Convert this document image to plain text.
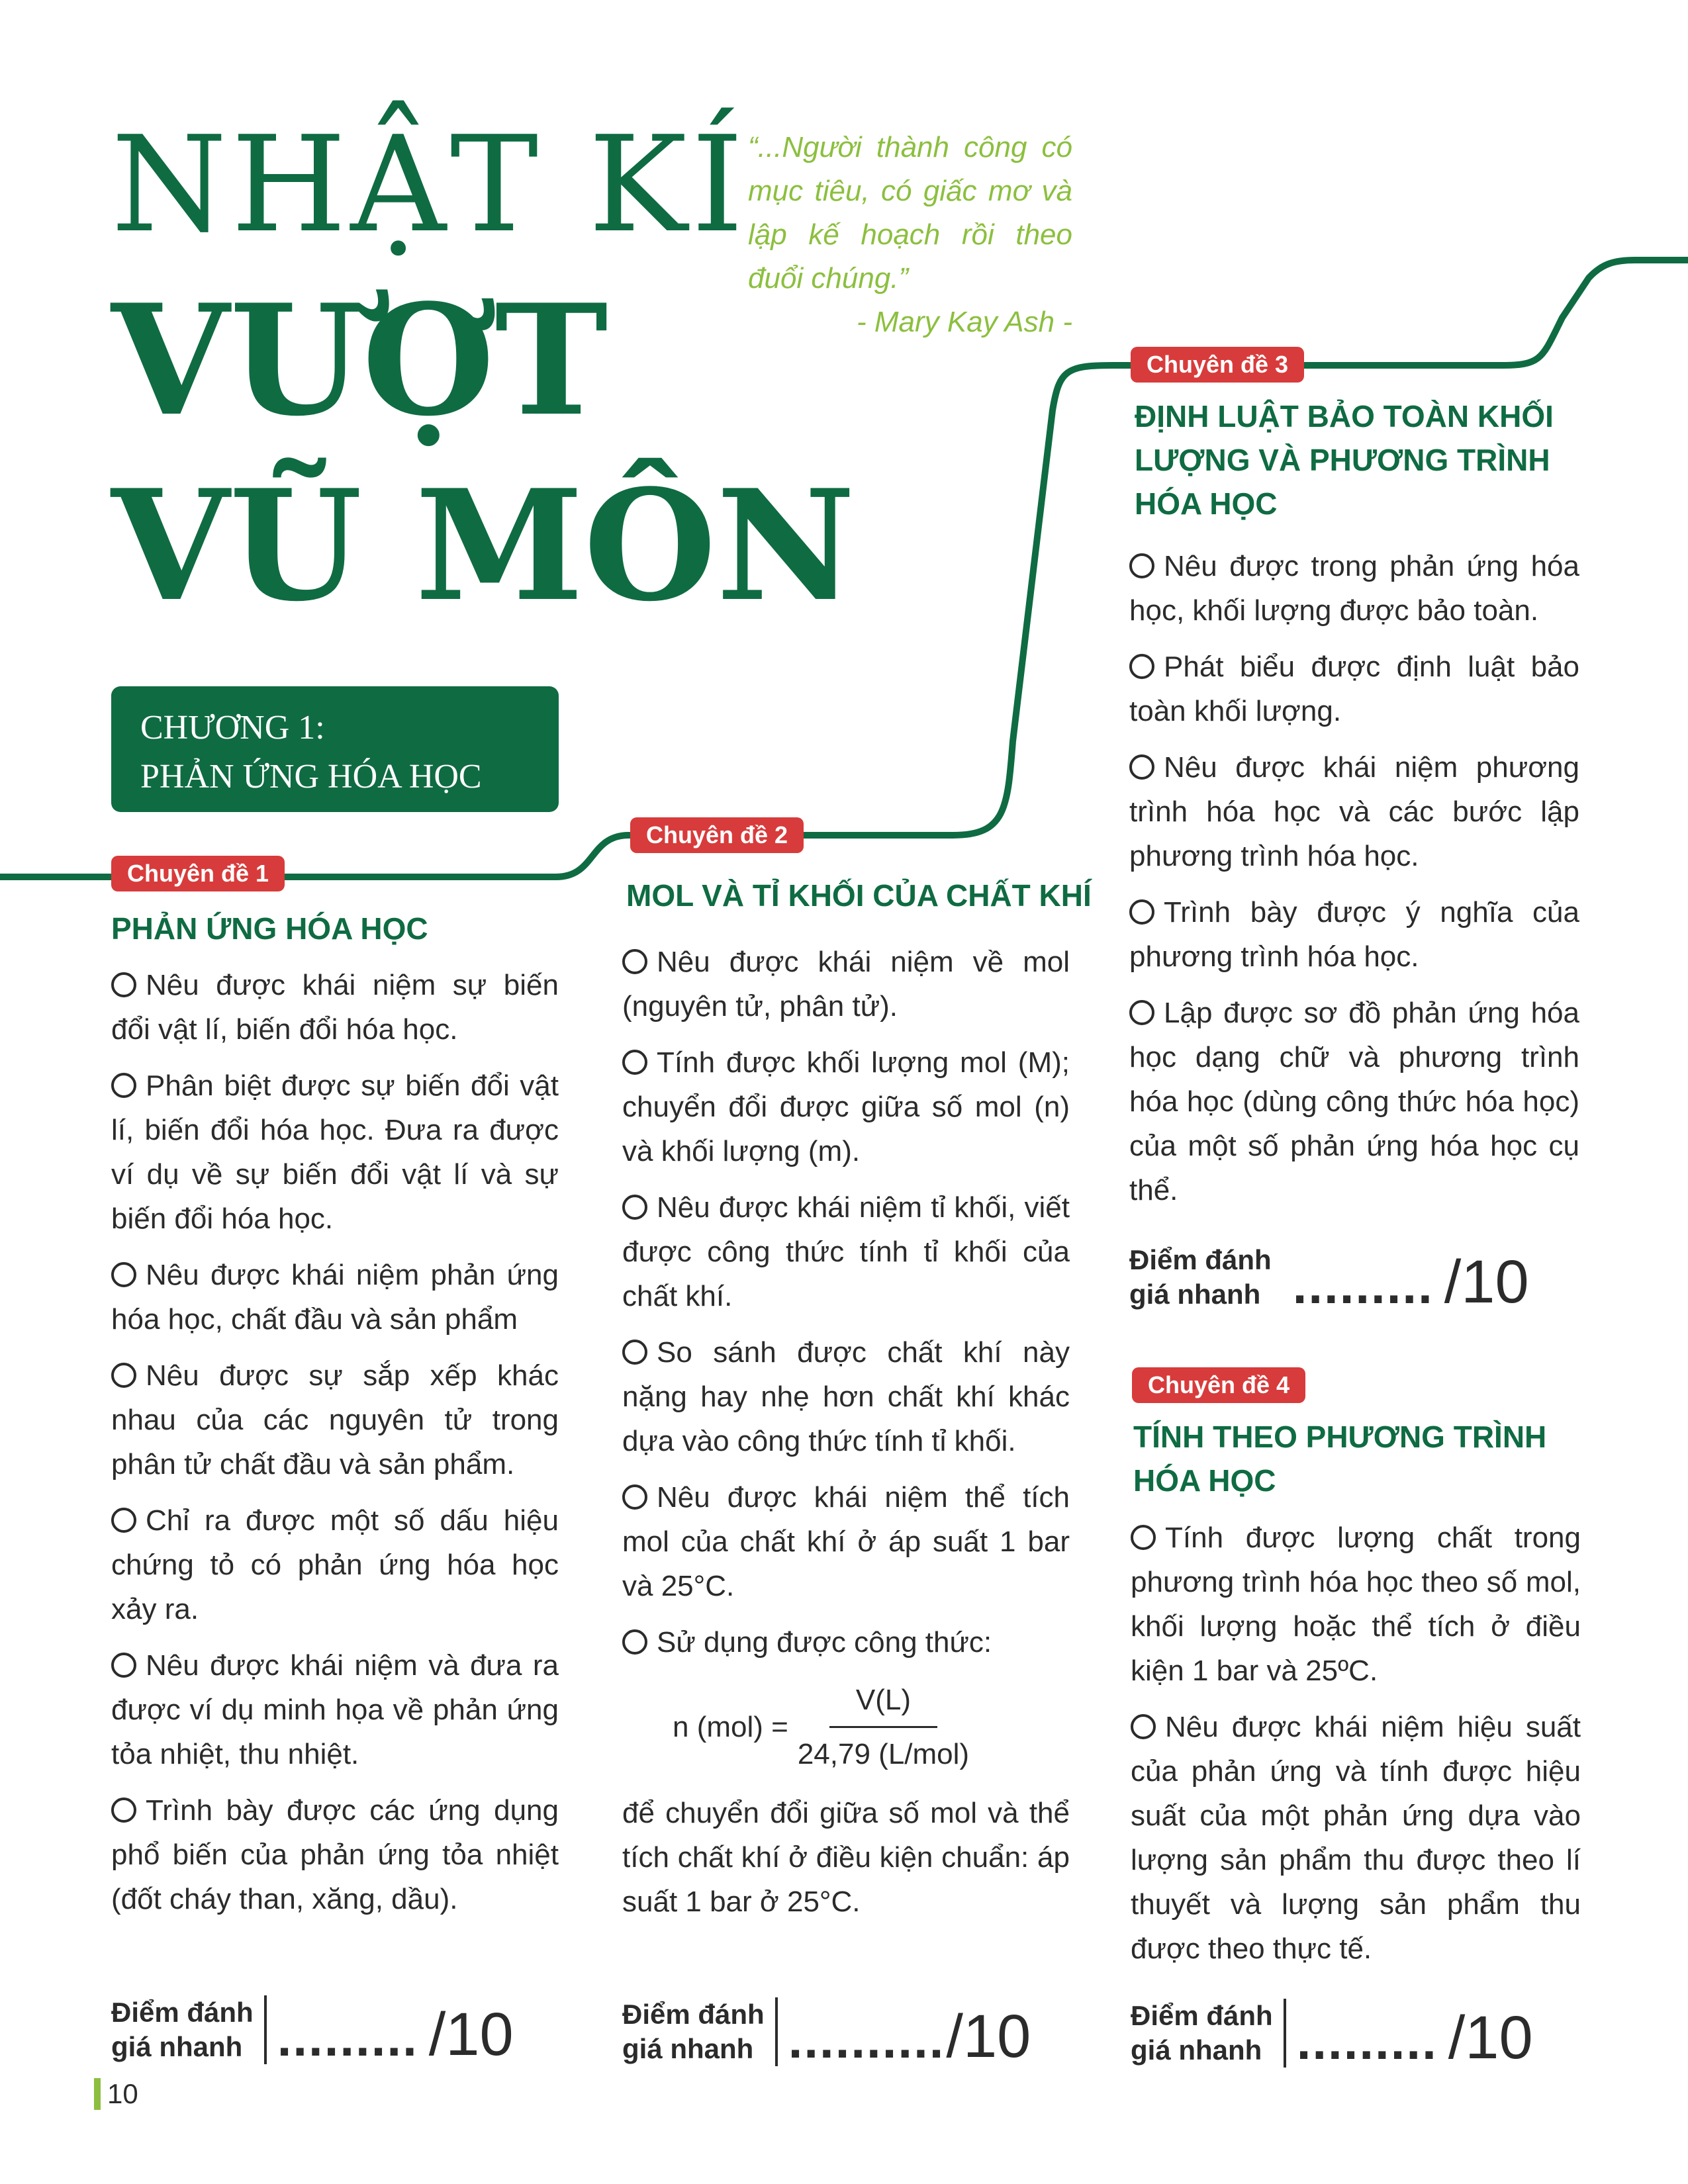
NHẬT KÍ
VƯỢT
VŨ MÔN
“...Người thành công có mục tiêu, có giấc mơ và lập kế hoạch rồi theo đuổi chúng.”
- Mary Kay Ash -
CHƯƠNG 1:
PHẢN ỨNG HÓA HỌC
Chuyên đề 1
PHẢN ỨNG HÓA HỌC
Nêu được khái niệm sự biến đổi vật lí, biến đổi hóa học.
Phân biệt được sự biến đổi vật lí, biến đổi hóa học. Đưa ra được ví dụ về sự biến đổi vật lí và sự biến đổi hóa học.
Nêu được khái niệm phản ứng hóa học, chất đầu và sản phẩm
Nêu được sự sắp xếp khác nhau của các nguyên tử trong phân tử chất đầu và sản phẩm.
Chỉ ra được một số dấu hiệu chứng tỏ có phản ứng hóa học xảy ra.
Nêu được khái niệm và đưa ra được ví dụ minh họa về phản ứng tỏa nhiệt, thu nhiệt.
Trình bày được các ứng dụng phổ biến của phản ứng tỏa nhiệt (đốt cháy than, xăng, dầu).
Điểm đánh
giá nhanh ......... /10
Chuyên đề 2
MOL VÀ TỈ KHỐI CỦA CHẤT KHÍ
Nêu được khái niệm về mol (nguyên tử, phân tử).
Tính được khối lượng mol (M); chuyển đổi được giữa số mol (n) và khối lượng (m).
Nêu được khái niệm tỉ khối, viết được công thức tính tỉ khối của chất khí.
So sánh được chất khí này nặng hay nhẹ hơn chất khí khác dựa vào công thức tính tỉ khối.
Nêu được khái niệm thể tích mol của chất khí ở áp suất 1 bar và 25°C.
Sử dụng được công thức:
n $(mol) = \frac{V(L)}{\text{24,79 (L/mol)}}$
để chuyển đổi giữa số mol và thể tích chất khí ở điều kiện chuẩn: áp suất 1 bar ở 25°C.
Điểm đánh
giá nhanh .......... /10
Chuyên đề 3
ĐỊNH LUẬT BẢO TOÀN KHỐI LƯỢNG VÀ PHƯƠNG TRÌNH HÓA HỌC
Nêu được trong phản ứng hóa học, khối lượng được bảo toàn.
Phát biểu được định luật bảo toàn khối lượng.
Nêu được khái niệm phương trình hóa học và các bước lập phương trình hóa học.
Trình bày được ý nghĩa của phương trình hóa học.
Lập được sơ đồ phản ứng hóa học dạng chữ và phương trình hóa học (dùng công thức hóa học) của một số phản ứng hóa học cụ thể.
Điểm đánh
giá nhanh ......... /10
Chuyên đề 4
TÍNH THEO PHƯƠNG TRÌNH HÓA HỌC
Tính được lượng chất trong phương trình hóa học theo số mol, khối lượng hoặc thể tích ở điều kiện 1 bar và 25ºC.
Nêu được khái niệm hiệu suất của phản ứng và tính được hiệu suất của một phản ứng dựa vào lượng sản phẩm thu được theo lí thuyết và lượng sản phẩm thu được theo thực tế.
Điểm đánh
giá nhanh ......... /10
10
